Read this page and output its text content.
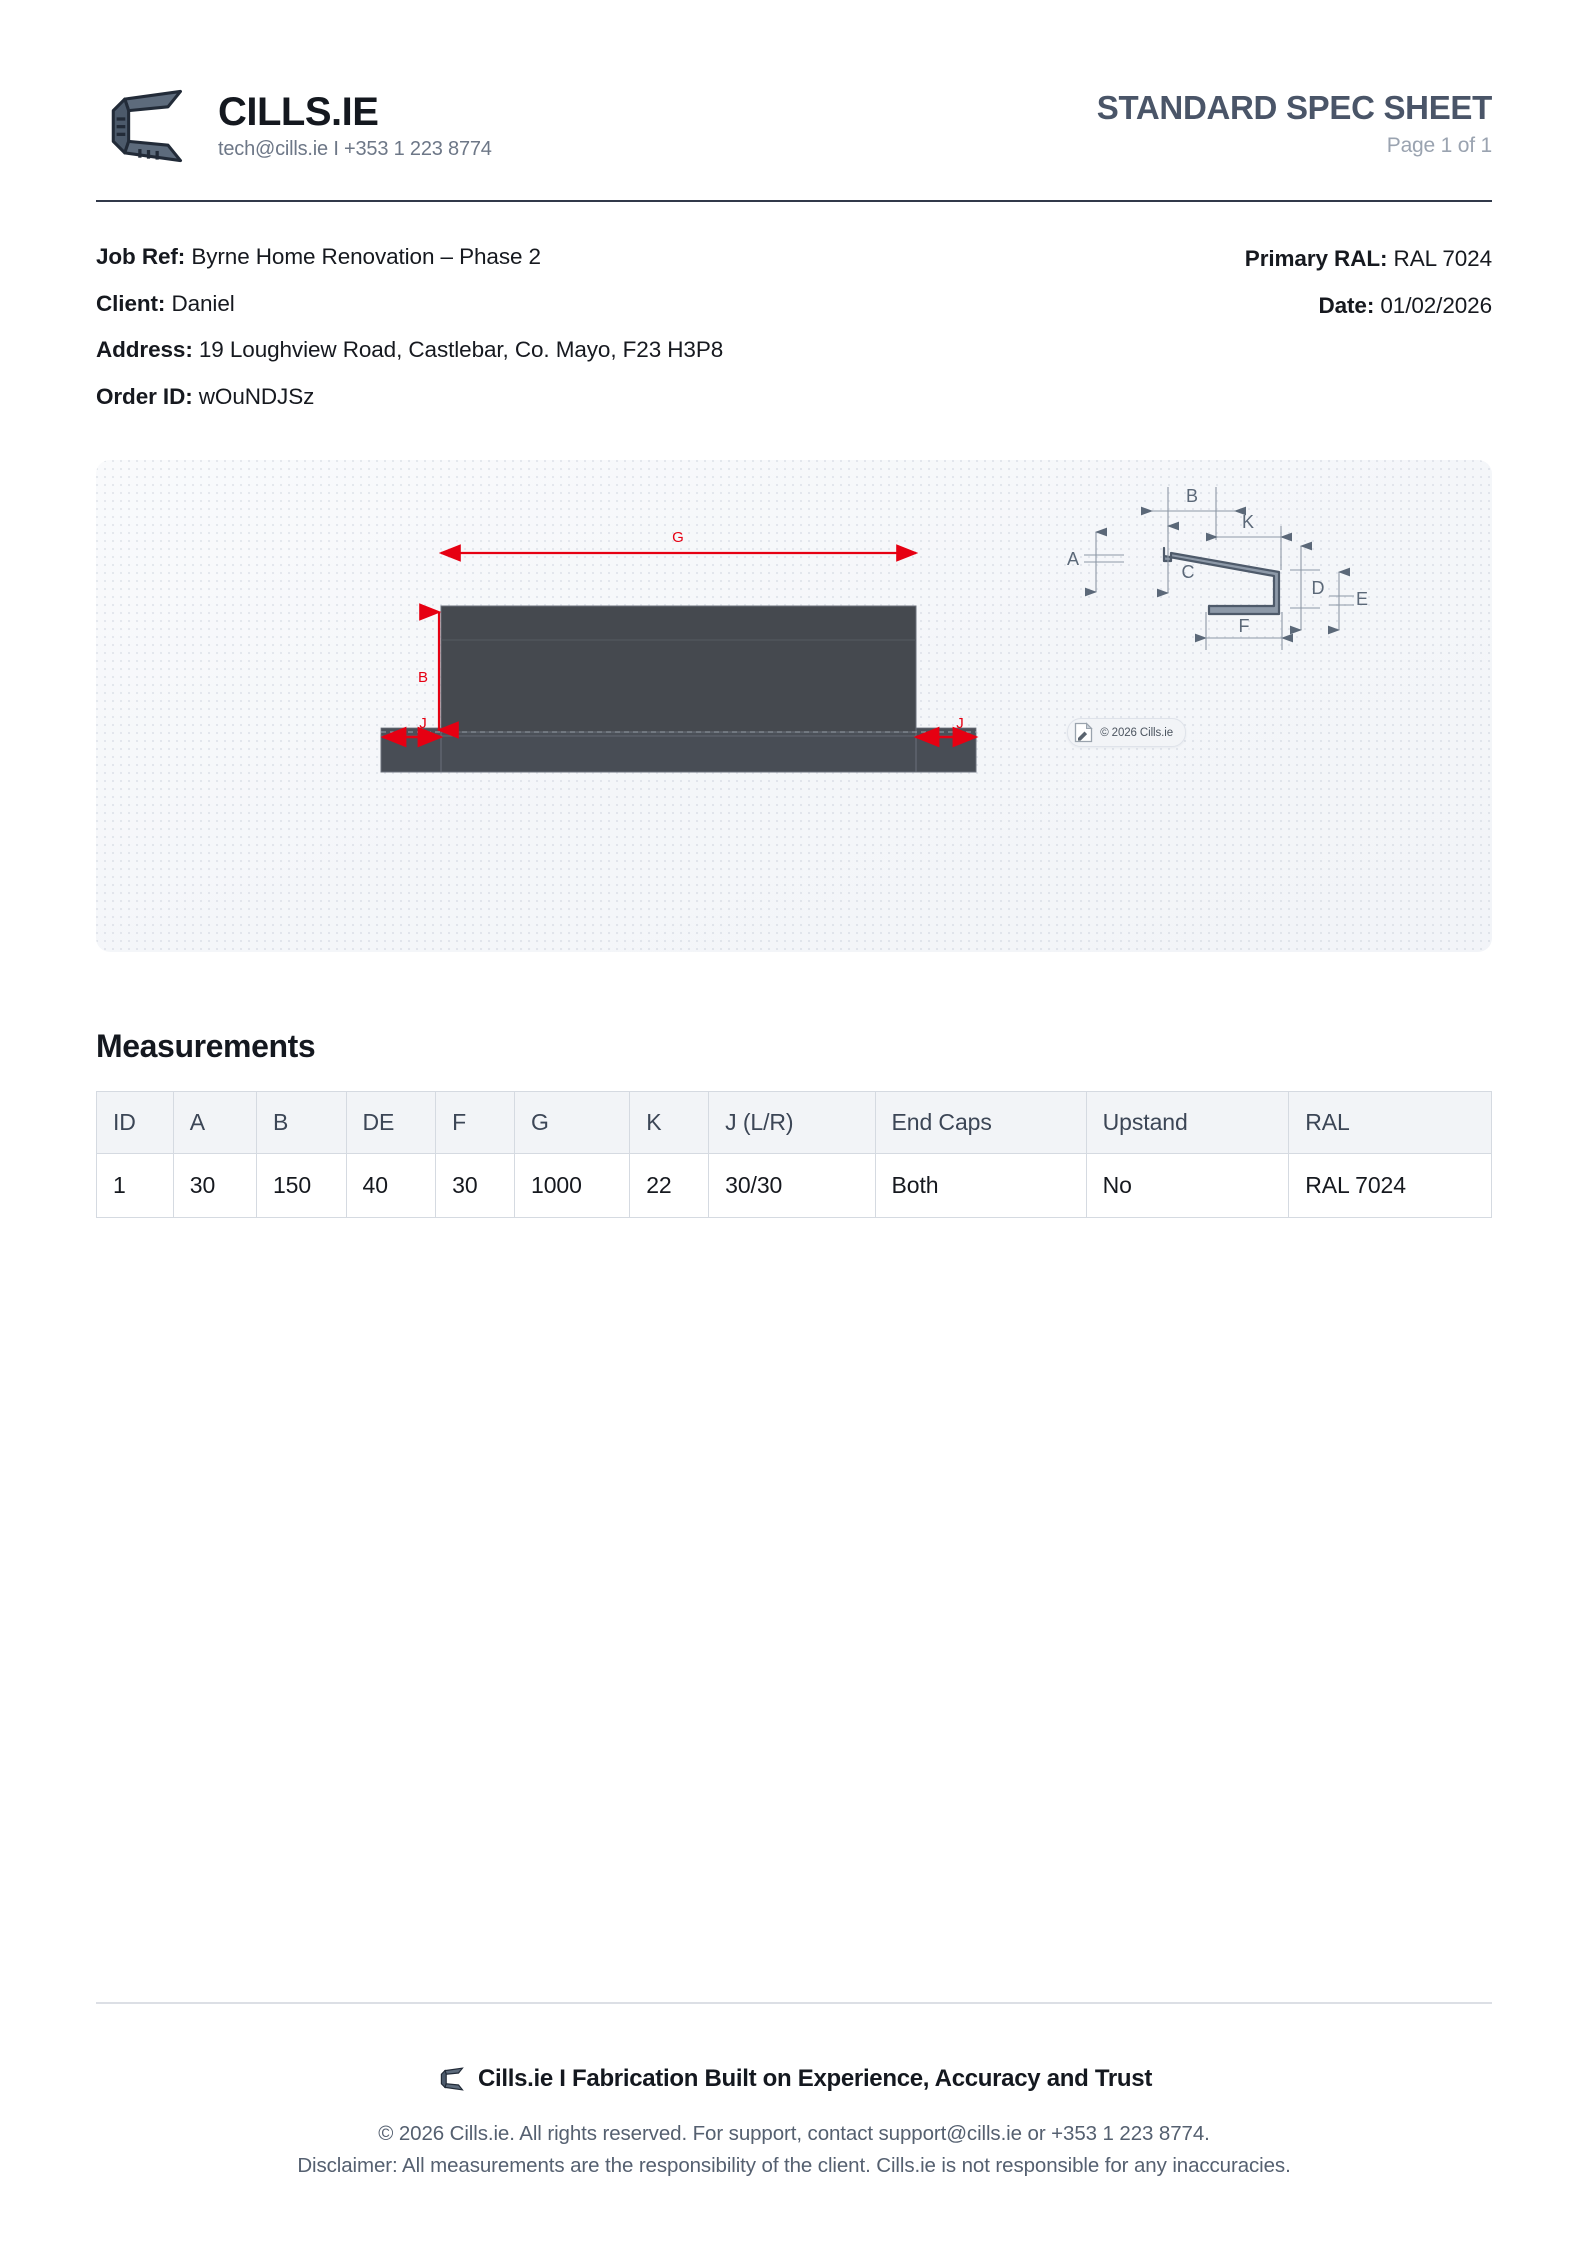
CILLS.IE
tech@cills.ie I +353 1 223 8774
STANDARD SPEC SHEET
Page 1 of 1
Job Ref: Byrne Home Renovation – Phase 2
Client: Daniel
Address: 19 Loughview Road, Castlebar, Co. Mayo, F23 H3P8
Order ID: wOuNDJSz
Primary RAL: RAL 7024
Date: 01/02/2026
G
B
J	J
B
K
A
C
D
E
F
© 2026 Cills.ie
Measurements
ID	A	B	DE	F	G	K	J (L/R)	End Caps	Upstand	RAL
1	30	150	40	30	1000	22	30/30	Both	No	RAL 7024
Cills.ie I Fabrication Built on Experience, Accuracy and Trust
© 2026 Cills.ie. All rights reserved. For support, contact support@cills.ie or +353 1 223 8774.
Disclaimer: All measurements are the responsibility of the client. Cills.ie is not responsible for any inaccuracies.
